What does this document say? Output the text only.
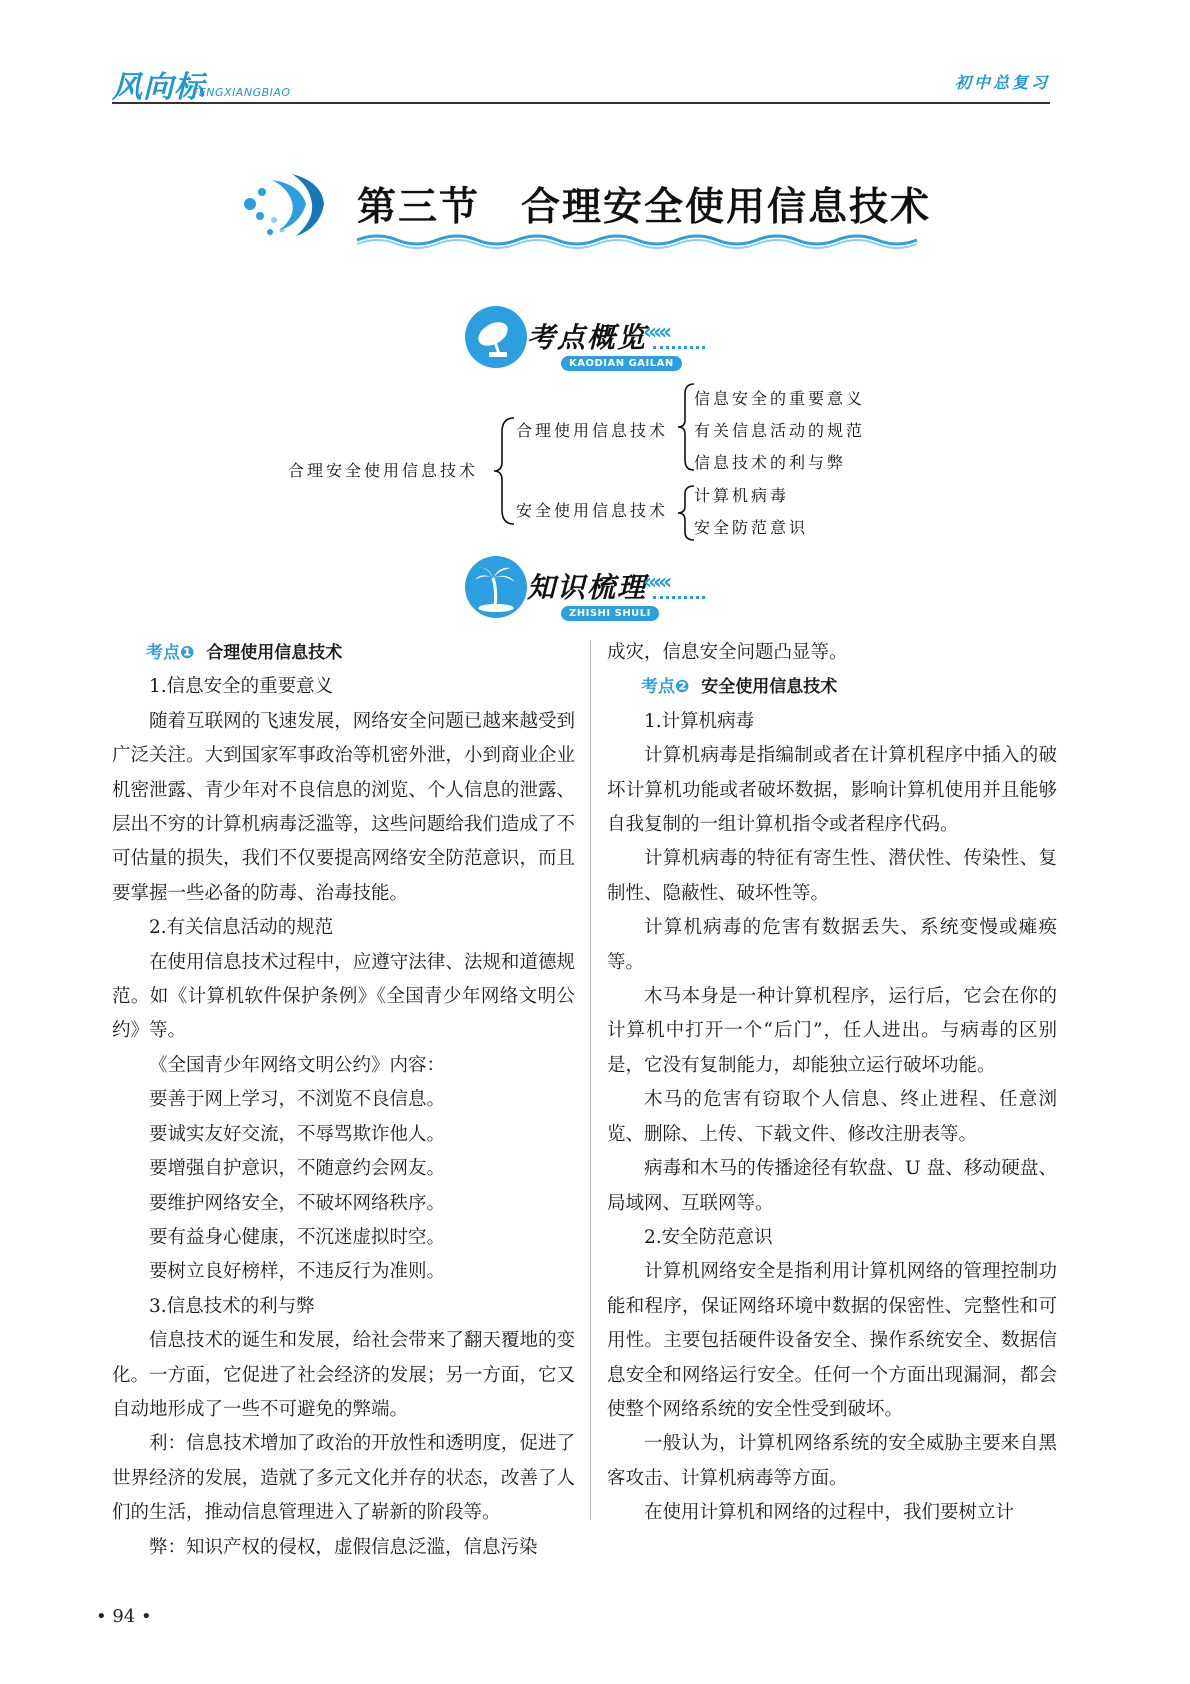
风向标
FENGXIANGBIAO
初中总复习
第三节　合理安全使用信息技术
考点概览
‹‹‹‹‹
KAODIAN GAILAN
合理安全使用信息技术
合理使用信息技术
安全使用信息技术
信息安全的重要意义
有关信息活动的规范
信息技术的利与弊
计算机病毒
安全防范意识
知识梳理
‹‹‹‹‹
ZHISHI SHULI

考点❶ 合理使用信息技术

1.信息安全的重要意义

随着互联网的飞速发展，网络安全问题已越来越受到广泛关注。大到国家军事政治等机密外泄，小到商业企业机密泄露、青少年对不良信息的浏览、个人信息的泄露、层出不穷的计算机病毒泛滥等，这些问题给我们造成了不可估量的损失，我们不仅要提高网络安全防范意识，而且要掌握一些必备的防毒、治毒技能。

2.有关信息活动的规范

在使用信息技术过程中，应遵守法律、法规和道德规范。如《计算机软件保护条例》《全国青少年网络文明公约》等。

《全国青少年网络文明公约》内容：

要善于网上学习，不浏览不良信息。

要诚实友好交流，不辱骂欺诈他人。

要增强自护意识，不随意约会网友。

要维护网络安全，不破坏网络秩序。

要有益身心健康，不沉迷虚拟时空。

要树立良好榜样，不违反行为准则。

3.信息技术的利与弊

信息技术的诞生和发展，给社会带来了翻天覆地的变化。一方面，它促进了社会经济的发展；另一方面，它又自动地形成了一些不可避免的弊端。

利：信息技术增加了政治的开放性和透明度，促进了世界经济的发展，造就了多元文化并存的状态，改善了人们的生活，推动信息管理进入了崭新的阶段等。

弊：知识产权的侵权，虚假信息泛滥，信息污染

成灾，信息安全问题凸显等。

考点❷ 安全使用信息技术

1.计算机病毒

计算机病毒是指编制或者在计算机程序中插入的破坏计算机功能或者破坏数据，影响计算机使用并且能够自我复制的一组计算机指令或者程序代码。

计算机病毒的特征有寄生性、潜伏性、传染性、复制性、隐蔽性、破坏性等。

计算机病毒的危害有数据丢失、系统变慢或瘫痪等。

木马本身是一种计算机程序，运行后，它会在你的计算机中打开一个“后门”，任人进出。与病毒的区别是，它没有复制能力，却能独立运行破坏功能。

木马的危害有窃取个人信息、终止进程、任意浏览、删除、上传、下载文件、修改注册表等。

病毒和木马的传播途径有软盘、U 盘、移动硬盘、局域网、互联网等。

2.安全防范意识

计算机网络安全是指利用计算机网络的管理控制功能和程序，保证网络环境中数据的保密性、完整性和可用性。主要包括硬件设备安全、操作系统安全、数据信息安全和网络运行安全。任何一个方面出现漏洞，都会使整个网络系统的安全性受到破坏。

一般认为，计算机网络系统的安全威胁主要来自黑客攻击、计算机病毒等方面。

在使用计算机和网络的过程中，我们要树立计

• 94 •
